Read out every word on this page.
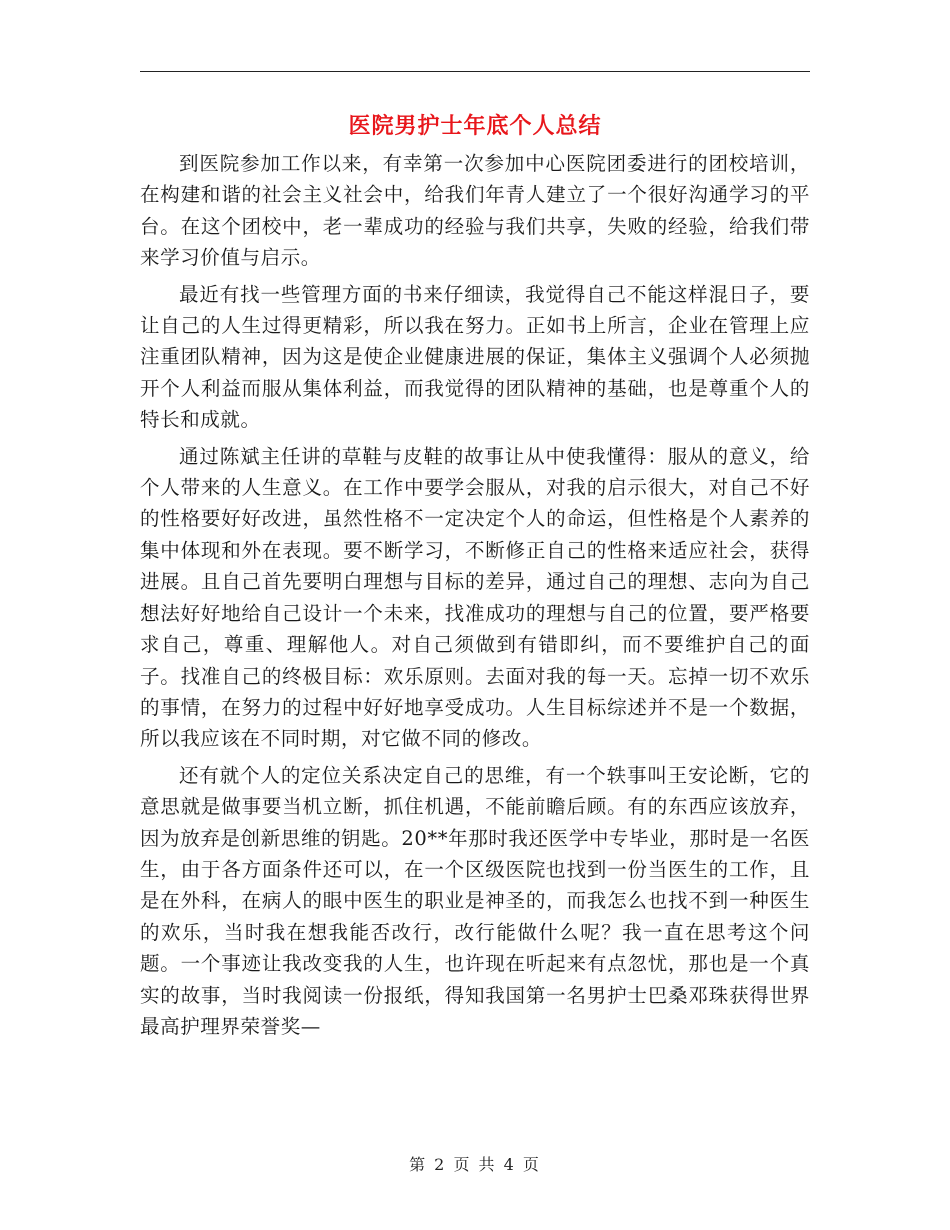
医院男护士年底个人总结

到医院参加工作以来，有幸第一次参加中心医院团委进行的团校培训，在构建和谐的社会主义社会中，给我们年青人建立了一个很好沟通学习的平台。在这个团校中，老一辈成功的经验与我们共享，失败的经验，给我们带来学习价值与启示。

最近有找一些管理方面的书来仔细读，我觉得自己不能这样混日子，要让自己的人生过得更精彩，所以我在努力。正如书上所言，企业在管理上应注重团队精神，因为这是使企业健康进展的保证，集体主义强调个人必须抛开个人利益而服从集体利益，而我觉得的团队精神的基础，也是尊重个人的特长和成就。

通过陈斌主任讲的草鞋与皮鞋的故事让从中使我懂得：服从的意义，给个人带来的人生意义。在工作中要学会服从，对我的启示很大，对自己不好的性格要好好改进，虽然性格不一定决定个人的命运，但性格是个人素养的集中体现和外在表现。要不断学习，不断修正自己的性格来适应社会，获得进展。且自己首先要明白理想与目标的差异，通过自己的理想、志向为自己想法好好地给自己设计一个未来，找准成功的理想与自己的位置，要严格要求自己，尊重、理解他人。对自己须做到有错即纠，而不要维护自己的面子。找准自己的终极目标：欢乐原则。去面对我的每一天。忘掉一切不欢乐的事情，在努力的过程中好好地享受成功。人生目标综述并不是一个数据，所以我应该在不同时期，对它做不同的修改。

还有就个人的定位关系决定自己的思维，有一个轶事叫王安论断，它的意思就是做事要当机立断，抓住机遇，不能前瞻后顾。有的东西应该放弃，因为放弃是创新思维的钥匙。20**年那时我还医学中专毕业，那时是一名医生，由于各方面条件还可以，在一个区级医院也找到一份当医生的工作，且是在外科，在病人的眼中医生的职业是神圣的，而我怎么也找不到一种医生的欢乐，当时我在想我能否改行，改行能做什么呢？我一直在思考这个问题。一个事迹让我改变我的人生，也许现在听起来有点忽忧，那也是一个真实的故事，当时我阅读一份报纸，得知我国第一名男护士巴桑邓珠获得世界最高护理界荣誉奖—

第 2 页 共 4 页
